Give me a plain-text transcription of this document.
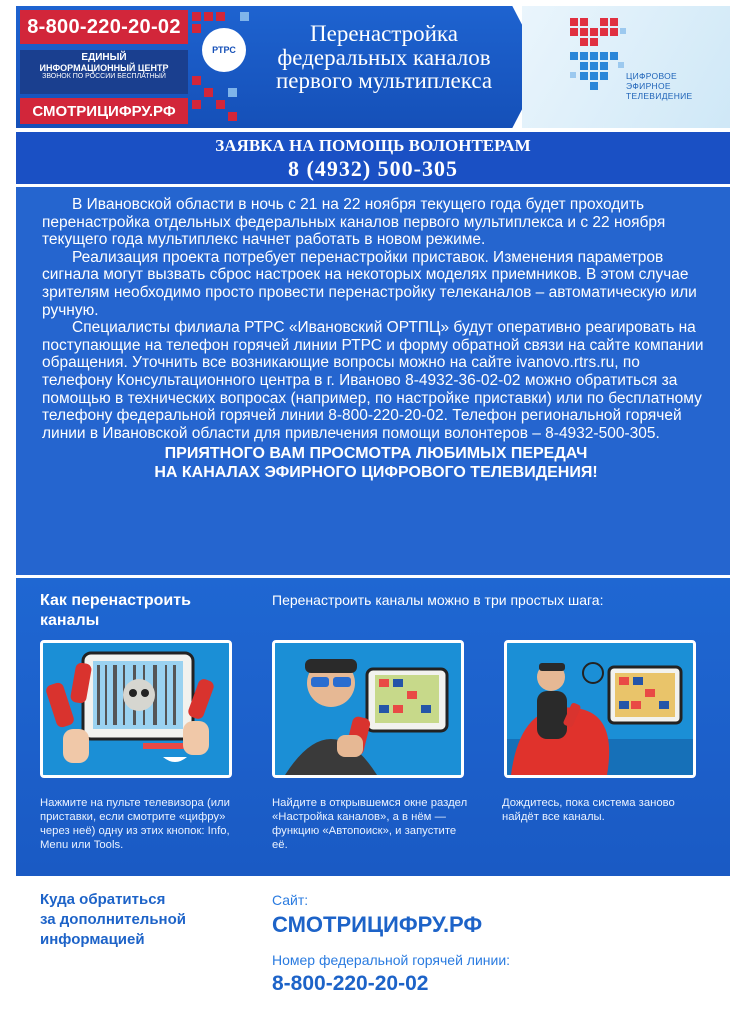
8-800-220-20-02
ЕДИНЫЙ
ИНФОРМАЦИОННЫЙ ЦЕНТР
ЗВОНОК ПО РОССИИ БЕСПЛАТНЫЙ
СМОТРИЦИФРУ.РФ
РТРС
Перенастройка
федеральных каналов
первого мультиплекса	ЦИФРОВОЕ
ЭФИРНОЕ
ТЕЛЕВИДЕНИЕ
ЗАЯВКА НА ПОМОЩЬ ВОЛОНТЕРАМ
8 (4932) 500-305

В Ивановской области в ночь с 21 на 22 ноября текущего года будет проходить перенастройка отдельных федеральных каналов первого мультиплекса и с 22 ноября текущего года мультиплекс начнет работать в новом режиме.

Реализация проекта потребует перенастройки приставок. Изменения параметров сигнала могут вызвать сброс настроек на некоторых моделях приемников. В этом случае зрителям необходимо просто провести перенастройку телеканалов – автоматическую или ручную.

Специалисты филиала РТРС «Ивановский ОРТПЦ» будут оперативно реагировать на поступающие на телефон горячей линии РТРС и форму обратной связи на сайте компании обращения. Уточнить все возникающие вопросы можно на сайте ivanovo.rtrs.ru, по телефону Консультационного центра в г. Иваново 8-4932-36-02-02 можно обратиться за помощью в технических вопросах (например, по настройке приставки) или по бесплатному телефону федеральной горячей линии 8-800-220-20-02. Телефон региональной горячей линии в Ивановской области для привлечения помощи волонтеров – 8-4932-500-305.

ПРИЯТНОГО ВАМ ПРОСМОТРА ЛЮБИМЫХ ПЕРЕДАЧ
НА КАНАЛАХ ЭФИРНОГО ЦИФРОВОГО ТЕЛЕВИДЕНИЯ!
Как перенастроить каналы
Перенастроить каналы можно в три простых шага:
Нажмите на пульте телевизора (или приставки, если смотрите «цифру» через неё) одну из этих кнопок: Info, Menu или Tools.
Найдите в открывшемся окне раздел «Настройка каналов», а в нём — функцию «Автопоиск», и запустите её.
Дождитесь, пока система заново найдёт все каналы.
Куда обратиться
за дополнительной
информацией
Сайт:
СМОТРИЦИФРУ.РФ
Номер федеральной горячей линии:
8-800-220-20-02
